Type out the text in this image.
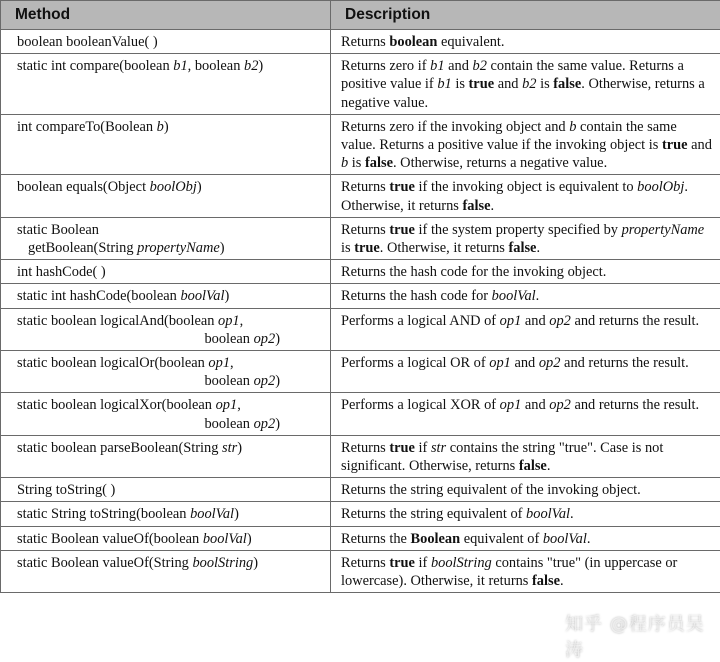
Method	Description
boolean booleanValue( )	Returns boolean equivalent.
static int compare(boolean b1, boolean b2)	Returns zero if b1 and b2 contain the same value. Returns a positive value if b1 is true and b2 is false. Otherwise, returns a negative value.
int compareTo(Boolean b)	Returns zero if the invoking object and b contain the same value. Returns a positive value if the invoking object is true and b is false. Otherwise, returns a negative value.
boolean equals(Object boolObj)	Returns true if the invoking object is equivalent to boolObj. Otherwise, it returns false.
static Boolean
getBoolean(String propertyName)	Returns true if the system property specified by propertyName is true. Otherwise, it returns false.
int hashCode( )	Returns the hash code for the invoking object.
static int hashCode(boolean boolVal)	Returns the hash code for boolVal.
static boolean logicalAnd(boolean op1,

boolean op2)	Performs a logical AND of op1 and op2 and returns the result.
static boolean logicalOr(boolean op1,

boolean op2)	Performs a logical OR of op1 and op2 and returns the result.
static boolean logicalXor(boolean op1,

boolean op2)	Performs a logical XOR of op1 and op2 and returns the result.
static boolean parseBoolean(String str)	Returns true if str contains the string "true". Case is not significant. Otherwise, returns false.
String toString( )	Returns the string equivalent of the invoking object.
static String toString(boolean boolVal)	Returns the string equivalent of boolVal.
static Boolean valueOf(boolean boolVal)	Returns the Boolean equivalent of boolVal.
static Boolean valueOf(String boolString)	Returns true if boolString contains "true" (in uppercase or lowercase). Otherwise, it returns false.
知乎 @程序员吴涛
